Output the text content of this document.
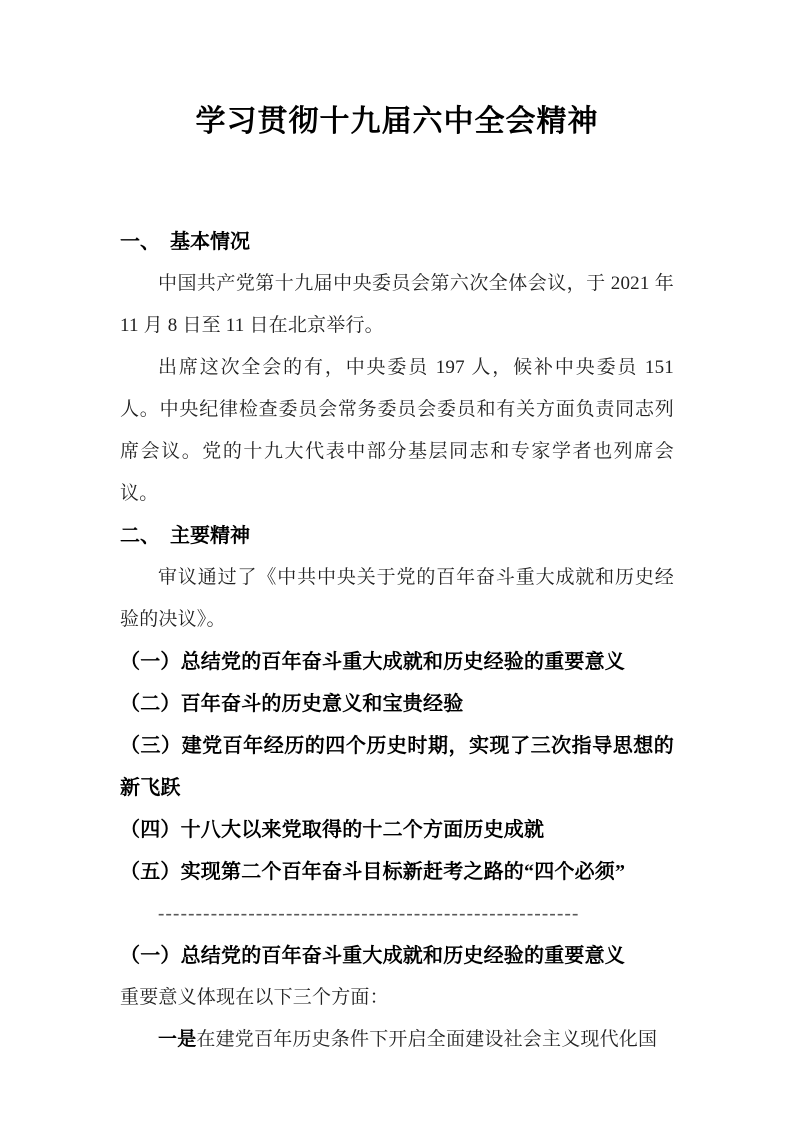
学习贯彻十九届六中全会精神
一、 基本情况

中国共产党第十九届中央委员会第六次全体会议，于 2021 年 11 月 8 日至 11 日在北京举行。

出席这次全会的有，中央委员 197 人，候补中央委员 151 人。中央纪律检查委员会常务委员会委员和有关方面负责同志列席会议。党的十九大代表中部分基层同志和专家学者也列席会议。

二、 主要精神

审议通过了《中共中央关于党的百年奋斗重大成就和历史经验的决议》。

（一）总结党的百年奋斗重大成就和历史经验的重要意义

（二）百年奋斗的历史意义和宝贵经验

（三）建党百年经历的四个历史时期，实现了三次指导思想的新飞跃

（四）十八大以来党取得的十二个方面历史成就

（五）实现第二个百年奋斗目标新赶考之路的“四个必须”

--------------------------------------------------------

（一）总结党的百年奋斗重大成就和历史经验的重要意义

重要意义体现在以下三个方面：

一是在建党百年历史条件下开启全面建设社会主义现代化国
